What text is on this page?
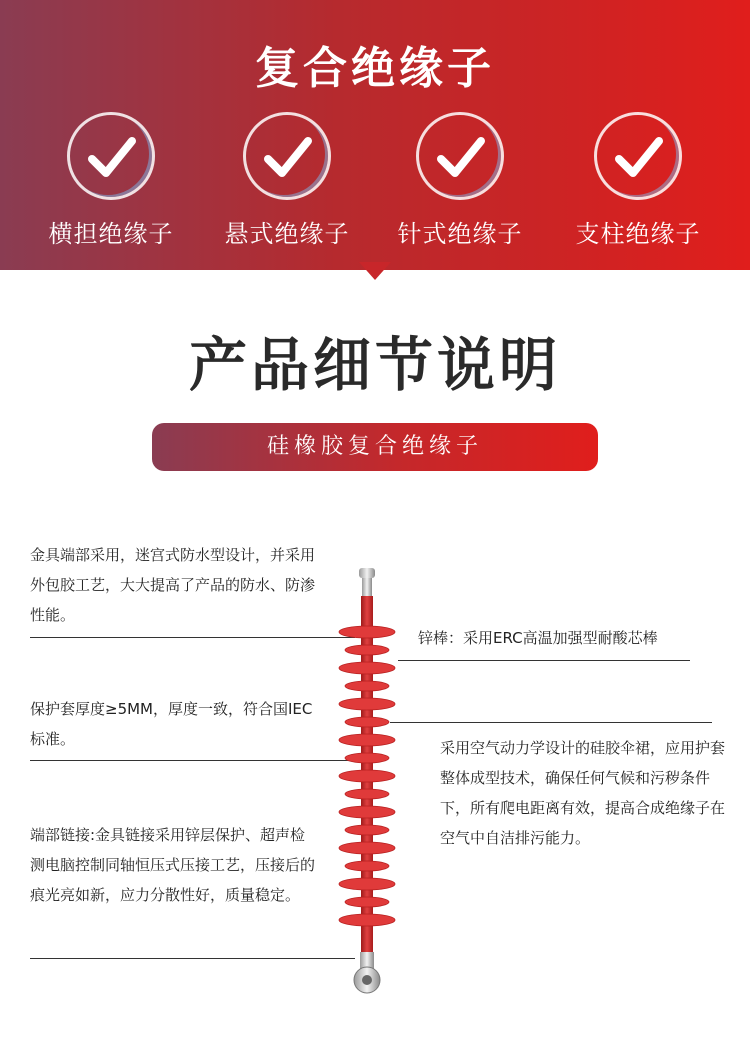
复合绝缘子
横担绝缘子	悬式绝缘子	针式绝缘子	支柱绝缘子
产品细节说明
硅橡胶复合绝缘子
金具端部采用，迷宫式防水型设计，并采用外包胶工艺，大大提高了产品的防水、防渗性能。
保护套厚度≥5MM，厚度一致，符合国IEC标准。
端部链接:金具链接采用锌层保护、超声检测电脑控制同轴恒压式压接工艺，压接后的痕光亮如新，应力分散性好，质量稳定。
锌棒：采用ERC高温加强型耐酸芯棒
采用空气动力学设计的硅胶伞裙，应用护套整体成型技术，确保任何气候和污秽条件下，所有爬电距离有效，提高合成绝缘子在空气中自洁排污能力。
